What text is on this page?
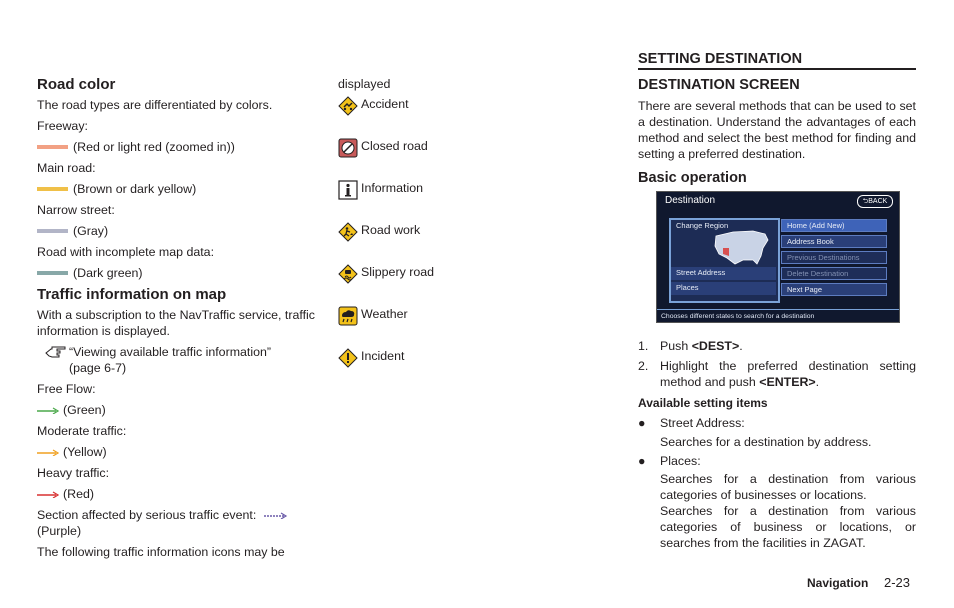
Road color
The road types are differentiated by colors.
Freeway:
(Red or light red (zoomed in))
Main road:
(Brown or dark yellow)
Narrow street:
(Gray)
Road with incomplete map data:
(Dark green)
Traffic information on map
With a subscription to the NavTraffic service, traffic information is displayed.
“Viewing available traffic information”
(page 6-7)
Free Flow:
(Green)
Moderate traffic:
(Yellow)
Heavy traffic:
(Red)
Section affected by serious traffic event:
(Purple)
The following traffic information icons may be
displayed
Accident
Closed road
Information
Road work
Slippery road
Weather
Incident
SETTING DESTINATION
DESTINATION SCREEN
There are several methods that can be used to set a destination. Understand the advantages of each method and select the best method for finding and setting a preferred destination.
Basic operation
Destination	⮌BACK
Change Region
Street Address
Places
Home (Add New)
Address Book
Previous Destinations
Delete Destination
Next Page
Chooses different states to search for a destination
1. Push <DEST>.
2. Highlight the preferred destination setting method and push <ENTER>.
Available setting items
●	Street Address:
Searches for a destination by address.
●	Places:
Searches for a destination from various categories of businesses or locations.
Searches for a destination from various categories of business or locations, or searches from the facilities in ZAGAT.
Navigation 2-23
